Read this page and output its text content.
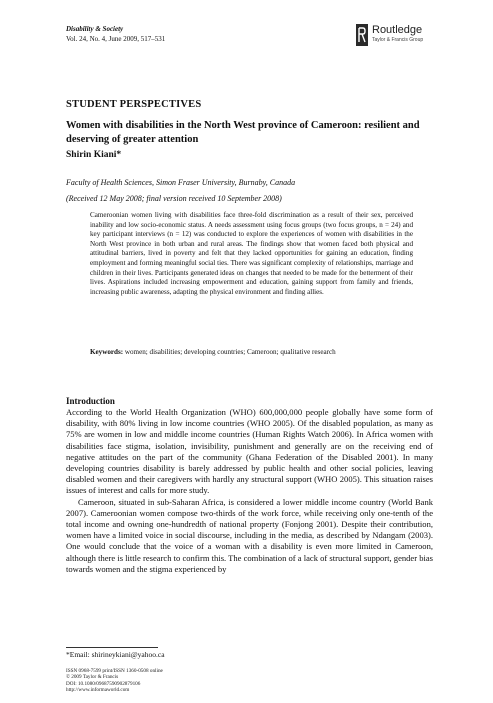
Disability & Society
Vol. 24, No. 4, June 2009, 517–531
Routledge
Taylor & Francis Group
STUDENT PERSPECTIVES
Women with disabilities in the North West province of Cameroon: resilient and deserving of greater attention
Shirin Kiani*
Faculty of Health Sciences, Simon Fraser University, Burnaby, Canada
(Received 12 May 2008; final version received 10 September 2008)
Cameroonian women living with disabilities face three-fold discrimination as a result of their sex, perceived inability and low socio-economic status. A needs assessment using focus groups (two focus groups, n = 24) and key participant interviews (n = 12) was conducted to explore the experiences of women with disabilities in the North West province in both urban and rural areas. The findings show that women faced both physical and attitudinal barriers, lived in poverty and felt that they lacked opportunities for gaining an education, finding employment and forming meaningful social ties. There was significant complexity of relationships, marriage and children in their lives. Participants generated ideas on changes that needed to be made for the betterment of their lives. Aspirations included increasing empowerment and education, gaining support from family and friends, increasing public awareness, adapting the physical environment and finding allies.
Keywords: women; disabilities; developing countries; Cameroon; qualitative research
Introduction

According to the World Health Organization (WHO) 600,000,000 people globally have some form of disability, with 80% living in low income countries (WHO 2005). Of the disabled population, as many as 75% are women in low and middle income countries (Human Rights Watch 2006). In Africa women with disabilities face stigma, isolation, invisibility, punishment and generally are on the receiving end of negative attitudes on the part of the community (Ghana Federation of the Disabled 2001). In many developing countries disability is barely addressed by public health and other social policies, leaving disabled women and their caregivers with hardly any structural support (WHO 2005). This situation raises issues of interest and calls for more study.

Cameroon, situated in sub-Saharan Africa, is considered a lower middle income country (World Bank 2007). Cameroonian women compose two-thirds of the work force, while receiving only one-tenth of the total income and owning one-hundredth of national property (Fonjong 2001). Despite their contribution, women have a limited voice in social discourse, including in the media, as described by Ndangam (2003). One would conclude that the voice of a woman with a disability is even more limited in Cameroon, although there is little research to confirm this. The combination of a lack of structural support, gender bias towards women and the stigma experienced by

*Email: shirineykiani@yahoo.ca
ISSN 0968-7599 print/ISSN 1360-0508 online
© 2009 Taylor & Francis
DOI: 10.1080/09687590902879106
http://www.informaworld.com
